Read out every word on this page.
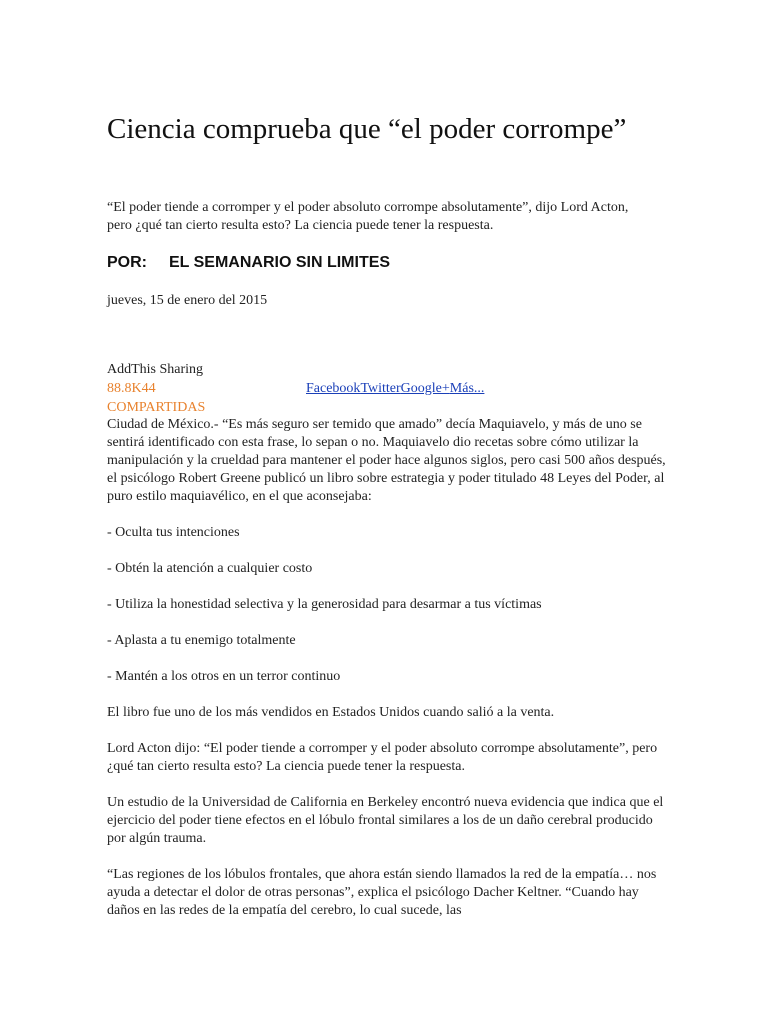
Ciencia comprueba que “el poder corrompe”
“El poder tiende a corromper y el poder absoluto corrompe absolutamente”, dijo Lord Acton, pero ¿qué tan cierto resulta esto? La ciencia puede tener la respuesta.
POR: EL SEMANARIO SIN LIMITES
jueves, 15 de enero del 2015
AddThis Sharing
88.8K44
COMPARTIDAS
FacebookTwitterGoogle+Más...

Ciudad de México.- “Es más seguro ser temido que amado” decía Maquiavelo, y más de uno se sentirá identificado con esta frase, lo sepan o no. Maquiavelo dio recetas sobre cómo utilizar la manipulación y la crueldad para mantener el poder hace algunos siglos, pero casi 500 años después, el psicólogo Robert Greene publicó un libro sobre estrategia y poder titulado 48 Leyes del Poder, al puro estilo maquiavélico, en el que aconsejaba:

- Oculta tus intenciones

- Obtén la atención a cualquier costo

- Utiliza la honestidad selectiva y la generosidad para desarmar a tus víctimas

- Aplasta a tu enemigo totalmente

- Mantén a los otros en un terror continuo

El libro fue uno de los más vendidos en Estados Unidos cuando salió a la venta.

Lord Acton dijo: “El poder tiende a corromper y el poder absoluto corrompe absolutamente”, pero ¿qué tan cierto resulta esto? La ciencia puede tener la respuesta.

Un estudio de la Universidad de California en Berkeley encontró nueva evidencia que indica que el ejercicio del poder tiene efectos en el lóbulo frontal similares a los de un daño cerebral producido por algún trauma.

“Las regiones de los lóbulos frontales, que ahora están siendo llamados la red de la empatía… nos ayuda a detectar el dolor de otras personas”, explica el psicólogo Dacher Keltner. “Cuando hay daños en las redes de la empatía del cerebro, lo cual sucede, las
